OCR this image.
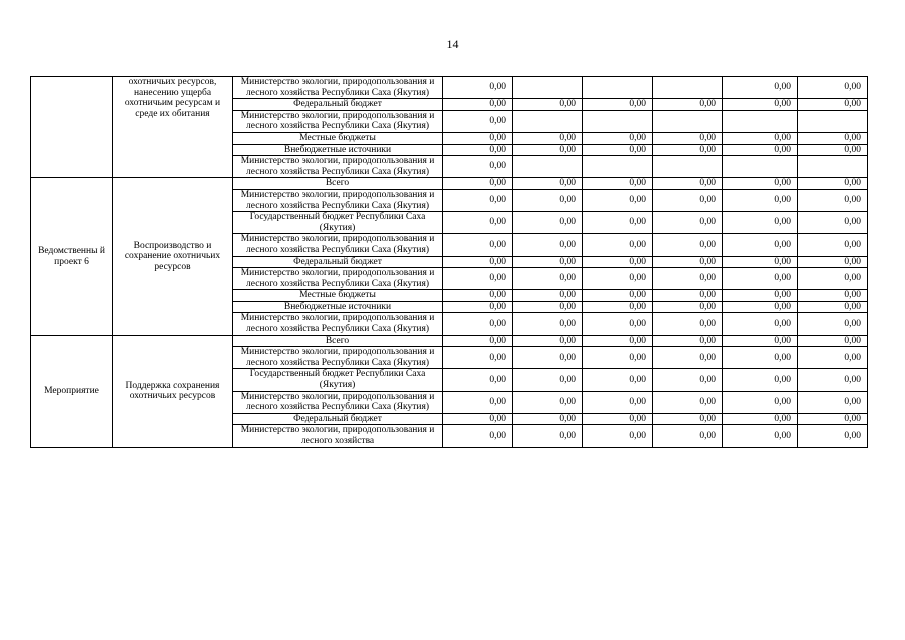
14
	охотничьих ресурсов, нанесению ущерба охотничьим ресурсам и среде их обитания	Министерство экологии, природопользования и лесного хозяйства Республики Саха (Якутия)	0,00				0,00	0,00
		Федеральный бюджет	0,00	0,00	0,00	0,00	0,00	0,00
		Министерство экологии, природопользования и лесного хозяйства Республики Саха (Якутия)	0,00					
		Местные бюджеты	0,00	0,00	0,00	0,00	0,00	0,00
		Внебюджетные источники	0,00	0,00	0,00	0,00	0,00	0,00
		Министерство экологии, природопользования и лесного хозяйства Республики Саха (Якутия)	0,00					
Ведомственны й проект 6	Воспроизводство и сохранение охотничьих ресурсов	Всего	0,00	0,00	0,00	0,00	0,00	0,00
		Министерство экологии, природопользования и лесного хозяйства Республики Саха (Якутия)	0,00	0,00	0,00	0,00	0,00	0,00
		Государственный бюджет Республики Саха (Якутия)	0,00	0,00	0,00	0,00	0,00	0,00
		Министерство экологии, природопользования и лесного хозяйства Республики Саха (Якутия)	0,00	0,00	0,00	0,00	0,00	0,00
		Федеральный бюджет	0,00	0,00	0,00	0,00	0,00	0,00
		Министерство экологии, природопользования и лесного хозяйства Республики Саха (Якутия)	0,00	0,00	0,00	0,00	0,00	0,00
		Местные бюджеты	0,00	0,00	0,00	0,00	0,00	0,00
		Внебюджетные источники	0,00	0,00	0,00	0,00	0,00	0,00
		Министерство экологии, природопользования и лесного хозяйства Республики Саха (Якутия)	0,00	0,00	0,00	0,00	0,00	0,00
Мероприятие	Поддержка сохранения охотничьих ресурсов	Всего	0,00	0,00	0,00	0,00	0,00	0,00
		Министерство экологии, природопользования и лесного хозяйства Республики Саха (Якутия)	0,00	0,00	0,00	0,00	0,00	0,00
		Государственный бюджет Республики Саха (Якутия)	0,00	0,00	0,00	0,00	0,00	0,00
		Министерство экологии, природопользования и лесного хозяйства Республики Саха (Якутия)	0,00	0,00	0,00	0,00	0,00	0,00
		Федеральный бюджет	0,00	0,00	0,00	0,00	0,00	0,00
		Министерство экологии, природопользования и лесного хозяйства	0,00	0,00	0,00	0,00	0,00	0,00
